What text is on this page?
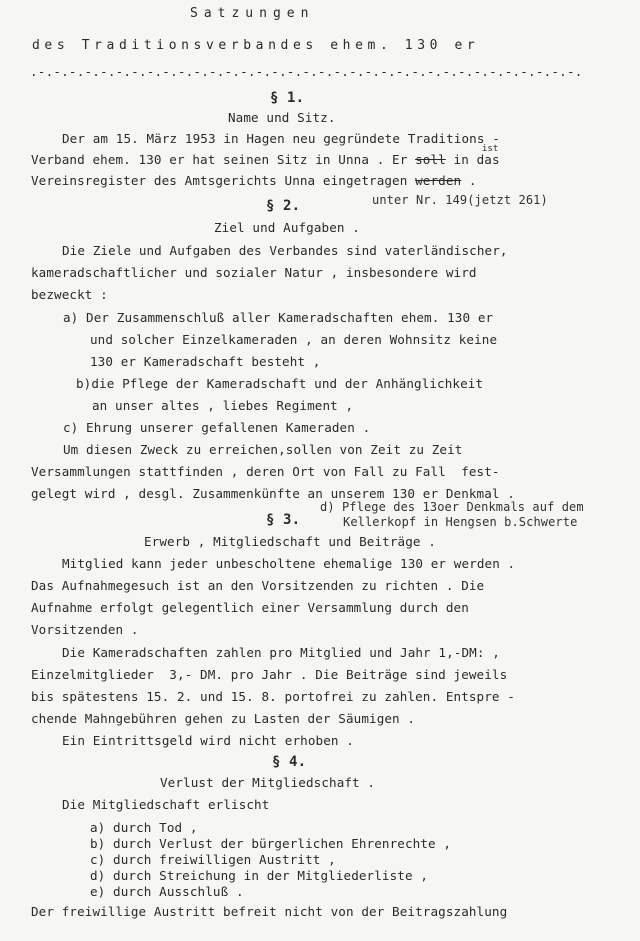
Satzungen
des Traditionsverbandes ehem. 130 er
.-.-.-.-.-.-.-.-.-.-.-.-.-.-.-.-.-.-.-.-.-.-.-.-.-.-.-.-.-.-.-.-.-.-.-.
§ 1.
Name und Sitz.
Der am 15. März 1953 in Hagen neu gegründete Traditions -
Verband ehem. 130 er hat seinen Sitz in Unna . Er soll in das
ist
Vereinsregister des Amtsgerichts Unna eingetragen werden .
unter Nr. 149(jetzt 261)
§ 2.
Ziel und Aufgaben .
Die Ziele und Aufgaben des Verbandes sind vaterländischer,
kameradschaftlicher und sozialer Natur , insbesondere wird
bezweckt :
a) Der Zusammenschluß aller Kameradschaften ehem. 130 er
und solcher Einzelkameraden , an deren Wohnsitz keine
130 er Kameradschaft besteht ,
b)die Pflege der Kameradschaft und der Anhänglichkeit
an unser altes , liebes Regiment ,
c) Ehrung unserer gefallenen Kameraden .
Um diesen Zweck zu erreichen,sollen von Zeit zu Zeit
Versammlungen stattfinden , deren Ort von Fall zu Fall  fest-
gelegt wird , desgl. Zusammenkünfte an unserem 130 er Denkmal .
d) Pflege des 13oer Denkmals auf dem
Kellerkopf in Hengsen b.Schwerte
§ 3.
Erwerb , Mitgliedschaft und Beiträge .
Mitglied kann jeder unbescholtene ehemalige 130 er werden .
Das Aufnahmegesuch ist an den Vorsitzenden zu richten . Die
Aufnahme erfolgt gelegentlich einer Versammlung durch den
Vorsitzenden .
Die Kameradschaften zahlen pro Mitglied und Jahr 1,-DM: ,
Einzelmitglieder  3,- DM. pro Jahr . Die Beiträge sind jeweils
bis spätestens 15. 2. und 15. 8. portofrei zu zahlen. Entspre -
chende Mahngebühren gehen zu Lasten der Säumigen .
Ein Eintrittsgeld wird nicht erhoben .
§ 4.
Verlust der Mitgliedschaft .
Die Mitgliedschaft erlischt
a) durch Tod ,
b) durch Verlust der bürgerlichen Ehrenrechte ,
c) durch freiwilligen Austritt ,
d) durch Streichung in der Mitgliederliste ,
e) durch Ausschluß .
Der freiwillige Austritt befreit nicht von der Beitragszahlung
